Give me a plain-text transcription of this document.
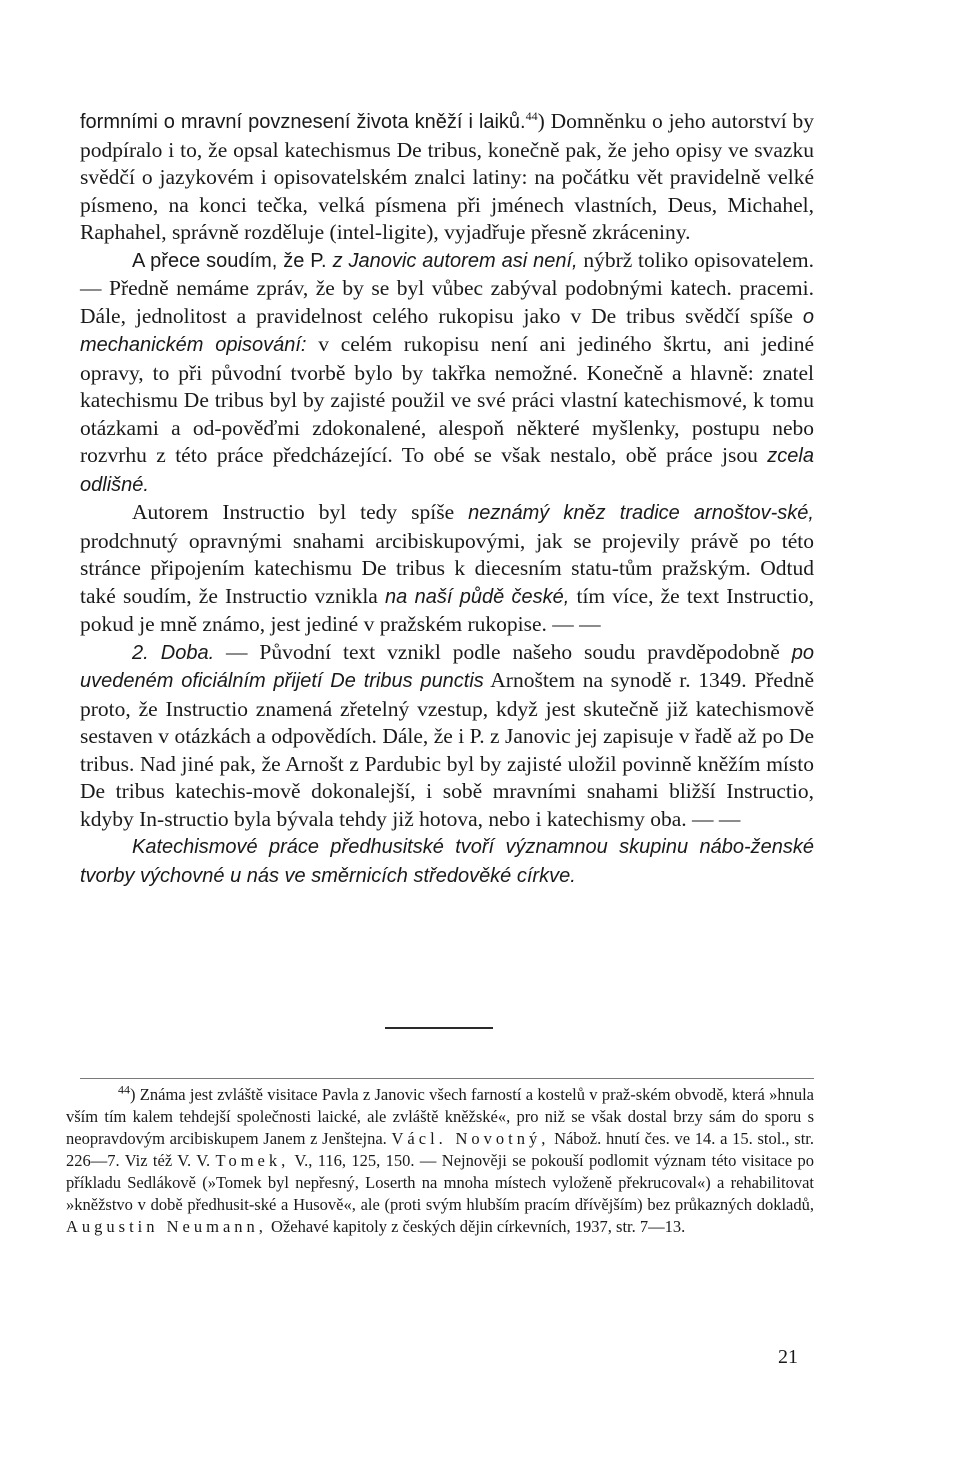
formními o mravní povznesení života kněží i laiků.$^{44}$) Domněnku o jeho autorství by podpíralo i to, že opsal katechismus De tribus, konečně pak, že jeho opisy ve svazku svědčí o jazykovém i opisovatelském znalci latiny: na počátku vět pravidelně velké písmeno, na konci tečka, velká písmena při jménech vlastních, Deus, Michahel, Raphahel, správně rozděluje (intel-ligite), vyjadřuje přesně zkráceniny.

A přece soudím, že P. z Janovic autorem asi není, nýbrž toliko opisovatelem. — Předně nemáme zpráv, že by se byl vůbec zabýval podobnými katech. pracemi. Dále, jednolitost a pravidelnost celého rukopisu jako v De tribus svědčí spíše o mechanickém opisování: v celém rukopisu není ani jediného škrtu, ani jediné opravy, to při původní tvorbě bylo by takřka nemožné. Konečně a hlavně: znatel katechismu De tribus byl by zajisté použil ve své práci vlastní katechismové, k tomu otázkami a od-pověďmi zdokonalené, alespoň některé myšlenky, postupu nebo rozvrhu z této práce předcházející. To obé se však nestalo, obě práce jsou zcela odlišné.

Autorem Instructio byl tedy spíše neznámý kněz tradice arnoštov-ské, prodchnutý opravnými snahami arcibiskupovými, jak se projevily právě po této stránce připojením katechismu De tribus k diecesním statu-tům pražským. Odtud také soudím, že Instructio vznikla na naší půdě české, tím více, že text Instructio, pokud je mně známo, jest jediné v pražském rukopise. — —

2. Doba. — Původní text vznikl podle našeho soudu pravděpodobně po uvedeném oficiálním přijetí De tribus punctis Arnoštem na synodě r. 1349. Předně proto, že Instructio znamená zřetelný vzestup, když jest skutečně již katechismově sestaven v otázkách a odpovědích. Dále, že i P. z Janovic jej zapisuje v řadě až po De tribus. Nad jiné pak, že Arnošt z Pardubic byl by zajisté uložil povinně kněžím místo De tribus katechis-mově dokonalejší, i sobě mravními snahami bližší Instructio, kdyby In-structio byla bývala tehdy již hotova, nebo i katechismy oba. — —

Katechismové práce předhusitské tvoří významnou skupinu nábo-ženské tvorby výchovné u nás ve směrnicích středověké církve.

$^{44}$) Známa jest zvláště visitace Pavla z Janovic všech farností a kostelů v praž-ském obvodě, která »hnula vším tím kalem tehdejší společnosti laické, ale zvláště kněžské«, pro niž se však dostal brzy sám do sporu s neopravdovým arcibiskupem Janem z Jenštejna. Václ. Novotný, Nábož. hnutí čes. ve 14. a 15. stol., str. 226—7. Viz též V. V. Tomek, V., 116, 125, 150. — Nejnověji se pokouší podlomit význam této visitace po příkladu Sedlákově (»Tomek byl nepřesný, Loserth na mnoha místech vyloženě překrucoval«) a rehabilitovat »kněžstvo v době předhusit-ské a Husově«, ale (proti svým hlubším pracím dřívějším) bez průkazných dokladů, Augustin Neumann, Ožehavé kapitoly z českých dějin církevních, 1937, str. 7—13.

21
